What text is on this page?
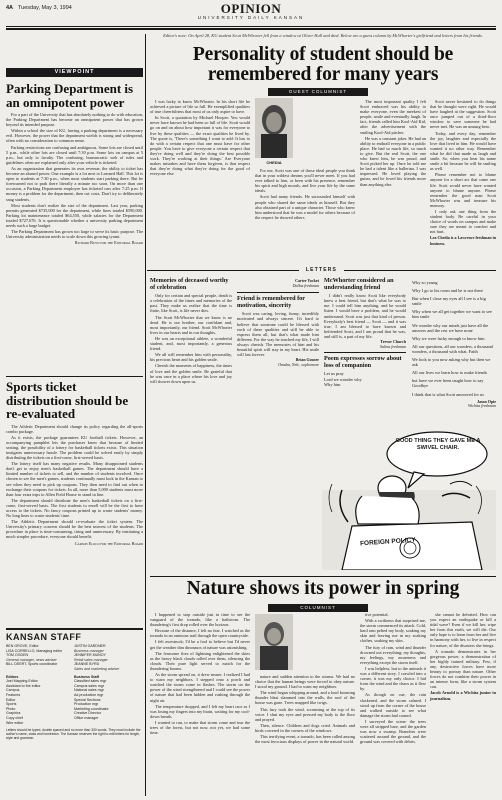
4A Tuesday, May 3, 1994	OPINION
UNIVERSITY DAILY KANSAN
VIEWPOINT
Parking Department is an omnipotent power

For a part of the University that has absolutely nothing to do with education, the Parking Department has become an omnipotent power that has grown beyond its intended purpose.

Within a school the size of KU, having a parking department is a necessary evil. However, the power that the department wields is strong and widespread, often with no consideration to common sense.

Parking restrictions are confusing and ambiguous. Some lots are closed until 5 p.m., while other lots are closed until 7:30 p.m. Some lots on campus at 5 p.m., but only to faculty. The confusing, bureaucratic web of rules and guidelines often are explained only after your vehicle is ticketed.

As an organization that generates its own revenue, the ability to ticket has become an abused power. One example is a lot next to Learned Hall. This lot is open to students at 7:30 p.m., when most students start parking there. But be forewarned not to park there literally a minute too soon. On more than one occasion, a Parking Department employee has ticketed cars after 7:25 p.m. If money is a problem for the department, then cut costs. Don't try to deliberately snag students.

Most students don't realize the size of the department. Last year, parking permits generated $735,000 for the department, while fines totaled $590,000. Parking lot maintenance totaled $64,550, while salaries for the Department totaled $727,676. It is questionable whether a university parking department needs such a large budget.

The Parking Department has grown too large to serve its basic purpose. The University administration needs to scale down this growing tyrant.

Richard Buyd for the Editorial Board
Sports ticket distribution should be re-evaluated

The Athletic Department should change its policy regarding the all-sports combo package.

As it exists, the package guarantees KU football tickets. However, an accompanying pamphlet lets the purchaser know that because of limited seating, the possibility of a lottery for basketball tickets exists. This situation instigates unnecessary hassle. The problem could be solved easily by simply distributing the tickets on a first-come, first-served basis.

The lottery itself has many negative results. Many disappointed students don't get to enjoy men's basketball games. The department should have a limited number of tickets to sell, and the number of students involved. Once chosen to see the men's games, students continually must look in the Kansan to see when they need to pick up coupons. They then need to find out when to exchange their coupons for tickets. In all, more than 5,000 students must more than four extra trips to Allen Field House to stand in line.

The department should distribute the men's basketball tickets on a first-come, first-served basis. The first students to enroll will be the first to have access to the tickets. No fancy coupons printed up to waste students' money. No long lines to waste students' time.

The Athletic Department should re-evaluate the ticket system. The University's primary concern should be the best interest of the students. The procedure in place is time-consuming, tiring and unnecessary. By instituting a much simpler procedure, everyone should benefit.

Carson Eloco for the Editorial Board
KANSAN STAFF
BEN GROVE, Editor
LISA CORRELLO, Managing editor
TOM OGDEN
General manager, news adviser
BILL DEERT, Sports coordinator
JUSTIN GARDNER
Business manager
JENNIFER MUNOY
Retail sales manager
JEANNE BYRD
Sales and marketing adviser
Editors
Joel Mapping Editor
Assistant to the editor
Campus
Features
Editor
Sports
Photo
Graphics
Copy chief
Wire editor
Business Staff
Classified sales mgr
Campus sales mgr
National sales mgr
Ad production mgr
Special Sections
Production mgr
Marketing coordinator
Creative Director
Office manager
Letters should be typed, double spaced and no more than 300 words. They must include the author's name, class and hometown. The Kansan reserves the right to edit letters for length, style and grammar.
Editor's note: On April 28, KU student Scott McWhorter fell from a window at Oliver Hall and died. Below are a guest column by McWhorter's girlfriend and letters from his friends.
Personality of student should be remembered for many years
GUEST COLUMNIST
CHEDIA

I was lucky to know McWhorter. In his short life he achieved a picture of life so full. He exemplified qualities of true cheerfulness that most of us only aspire to have.

In Scott, a quotation by Michael Hooper: You would never have known he had been so full of life. Scott would go on and on about how important it was for everyone to live by these qualities — the exact qualities he lived by. The quote is, 'There's something I want to add: It has to do with a certain respect that one must have for other people. You have to give everyone a certain respect that they're doing well and they're doing the best possible work. They're working at their things.' Are Everyone makes mistakes and have them forgiven, is that respect that they're doing what they're doing for the good of everyone else.

For me, Scott was one of those ideal people you think that in your wildest dreams you'll never meet. If you had ever talked to him, or been with his presence, remember his spirit and high morals, and live your life by the same ideals.

Scott had many friends. He surrounded himself with people who shared the same ideals as himself. But they also obtained part of a unique character. Those who knew him understood that he was a model for others because of the respect he showed others.

The most important quality I felt Scott embraced was his ability to make everyone, even the meekest of people, smile and eventually laugh. In fact, friends called him Kool-Aid Kid, after the advertisement with the smiling Kool-Aid pitcher.

He was a constant joker. He had an ability to enthrall everyone in a public place. He had so much life, so much to give. But the real Scott, the one who knew him, he was proud, and Scott picked her up. Once he told me he had a talent like a ballerina. I was impressed. He loved playing the guitar, and he loved his friends more than anything else.

Scott never hesitated to do things that he thought were right. He would have laughed at the suggestion. Scott once jumped out of a third-floor window to save someone he had never met. He was an unsung hero.

Today, and every day, remember the joy, laughter and especially the love that lived in him. He would have wanted it no other way. Remember what he did that made us laugh and smile. So, when you hear his name smile a bit because he will be smiling as well.

Please remember not to blame anyone for a short act that came one life. Scott would never have wanted anyone to blame anyone. Please remember the good man Scott McWhorter was and treasure his memory.

I only ask one thing from the student body. Be careful in your choice of words on campus and make sure they are meant to comfort and not hurt.

Lea Chedia is a Lawrence freshman in business.
LETTERS
Memories of deceased worthy of celebration

Only for certain and special people, death is a celebration of the times and memories of the past. They make us realize that the time is finite, like Scott, is life never dies.

The Scott McWhorter that we know is no dead. He is our brother, our confidant and, most importantly, our friend. Scott McWhorter lives in our hearts and in our thoughts.

He was an exceptional athlete, a wonderful student, and, most importantly, a generous friend.

We all will remember him with personality, his precious heart and his golden smile.

Cherish the moments of happiness, the times of love and the golden smile. Be grateful that he was once in a place where his love and joy will shower down upon us.

Carter Yocket
Dallas freshman
Friend is remembered for motivation, sincerity

Scott was caring, loving, funny, incredibly motivated and always sincere. It's hard to believe that someone could be blessed with each of these qualities and still be able to express them all, but that's what made him different. For the way he touched my life, I will always cherish. The memories of him and his beautiful spirit will stay in my heart. His smile will last forever.

Brian Gosner
Omaha, Neb., sophomore
McWhorter considered an understanding friend

I didn't really know Scott like everybody knew a best friend, but that's what he was to me. I could tell him anything, and he would listen. I would have a problem, and he would understand. Scott was just that kind of person. Everybody's best friend — Scott — and it was true. I am blessed to have known and befriended Scott, and I am proud that he was, and still is, a part of my life.

Trevor Church
Salina freshman
Poem expresses sorrow about loss of companion
Let us pray
Lord we wonder why
Why him

Why so young

Why I go to his room and he is not there

But when I close my eyes all I see is a big smile

Why when we all get together we want to see him smile

We wonder why our minds just have all the answers and the rest we have none

Why we were lucky enough to know him

All our questions, all our wonders, a thousand wonders, a thousand with what, Faith

We look to you now asking why but then we ask

All our lives we learn how to make friends

but have we ever been taught how to say Goodbye

I think that is what Scott answered for us

Jason Opie
Wichita freshman
GOOD THING THEY GAVE ME A SWIVEL CHAIR.
FOREIGN POLICY
Nature shows its power in spring
COLUMNIST

I happened to stop outside just in time to see the vanguard of the tornado, like a hailstorm. The thundering's first drop rolled over the horizon.

Because of the distance, I felt no fear. I watched as the tornado in an ominous trail through the open countryside.

I felt awestruck; I'd be a fool to believe but I'd never get the weather dim dinosaurs of nature was astonishing.

The fearsome fires of lightning enlightened the skies as the heavy black clouds rolled over them, silencing the clouds. Their pure light served to match for the thundering booms.

As the storm spread on, it drew nearer. I realized I had to warn my neighbors. I stepped onto a porch and watched the storm come in flashes. The storm on the power of the wind strengthened and I could see the power of nature that had been hidden and rushing through the night air.

The temperature dropped, and I felt my heart race as I was losing my fingers into my brain, waiting for my cool-down breath.

I wanted to run, to make that storm come and tear the trees of the forest, but not now, not yet, we had some time.

nature and sudden attention to the storms. We had no choice that the human beings were forced to obey nature. I stood my ground. I had to warn my neighbors.

The wind began whipping around, and a loud booming thunder blast slammed into the walls, the roof of the house was gone. Trees snapped like twigs.

This fury took the wind, screaming at the top of its voice. I shut my eyes and pressed my body to the floor and prayed.

Then, silence. Children and dogs cried. Animals and birds cowered in the corners of the windows.

This terrifying event, a tornado, has been called among the most ferocious displays of power in the natural world.

tive potential.

With a swiftness that surprised me, the storm commenced its attack. Cold, hard rain pelted my body, soaking my skin and leaving me in my soaking clothes, soaking my skin.

The fury of rain, wind and thunder drowned out everything; my thoughts, my feelings, my awareness and everything except the storm itself.

I was helpless, but to the animals it was a different story. I crawled into a corner, it was my only choice. I hid from the wind and the chaos as it flew by.

As though on cue, the rain slackened, and the storm calmed. I stood up from the corner of the house and walked outside to see what damage the storm had caused.

I surveyed the scene: the trees were all stripped bare, and the garden was now a swamp. Branches were scattered around the ground, and the ground was covered with debris.

she cannot be defeated. How can you expect an earthquake or kill a tidal wave? Even if we kill her, wipe her from this earth, we will die. Our only hope is to learn from her and live in harmony with her, to live in respect for nature, of the disasters she brings.

A tornado demonstrates in her gorgeous power, a demonstration of her highly trained military. Few, if any, destructive forces have more beauty to portray than nature. Other forces do not combine their power in an intense form, like a storm system can.

Jacob Arnold is a Wichita junior in journalism.
